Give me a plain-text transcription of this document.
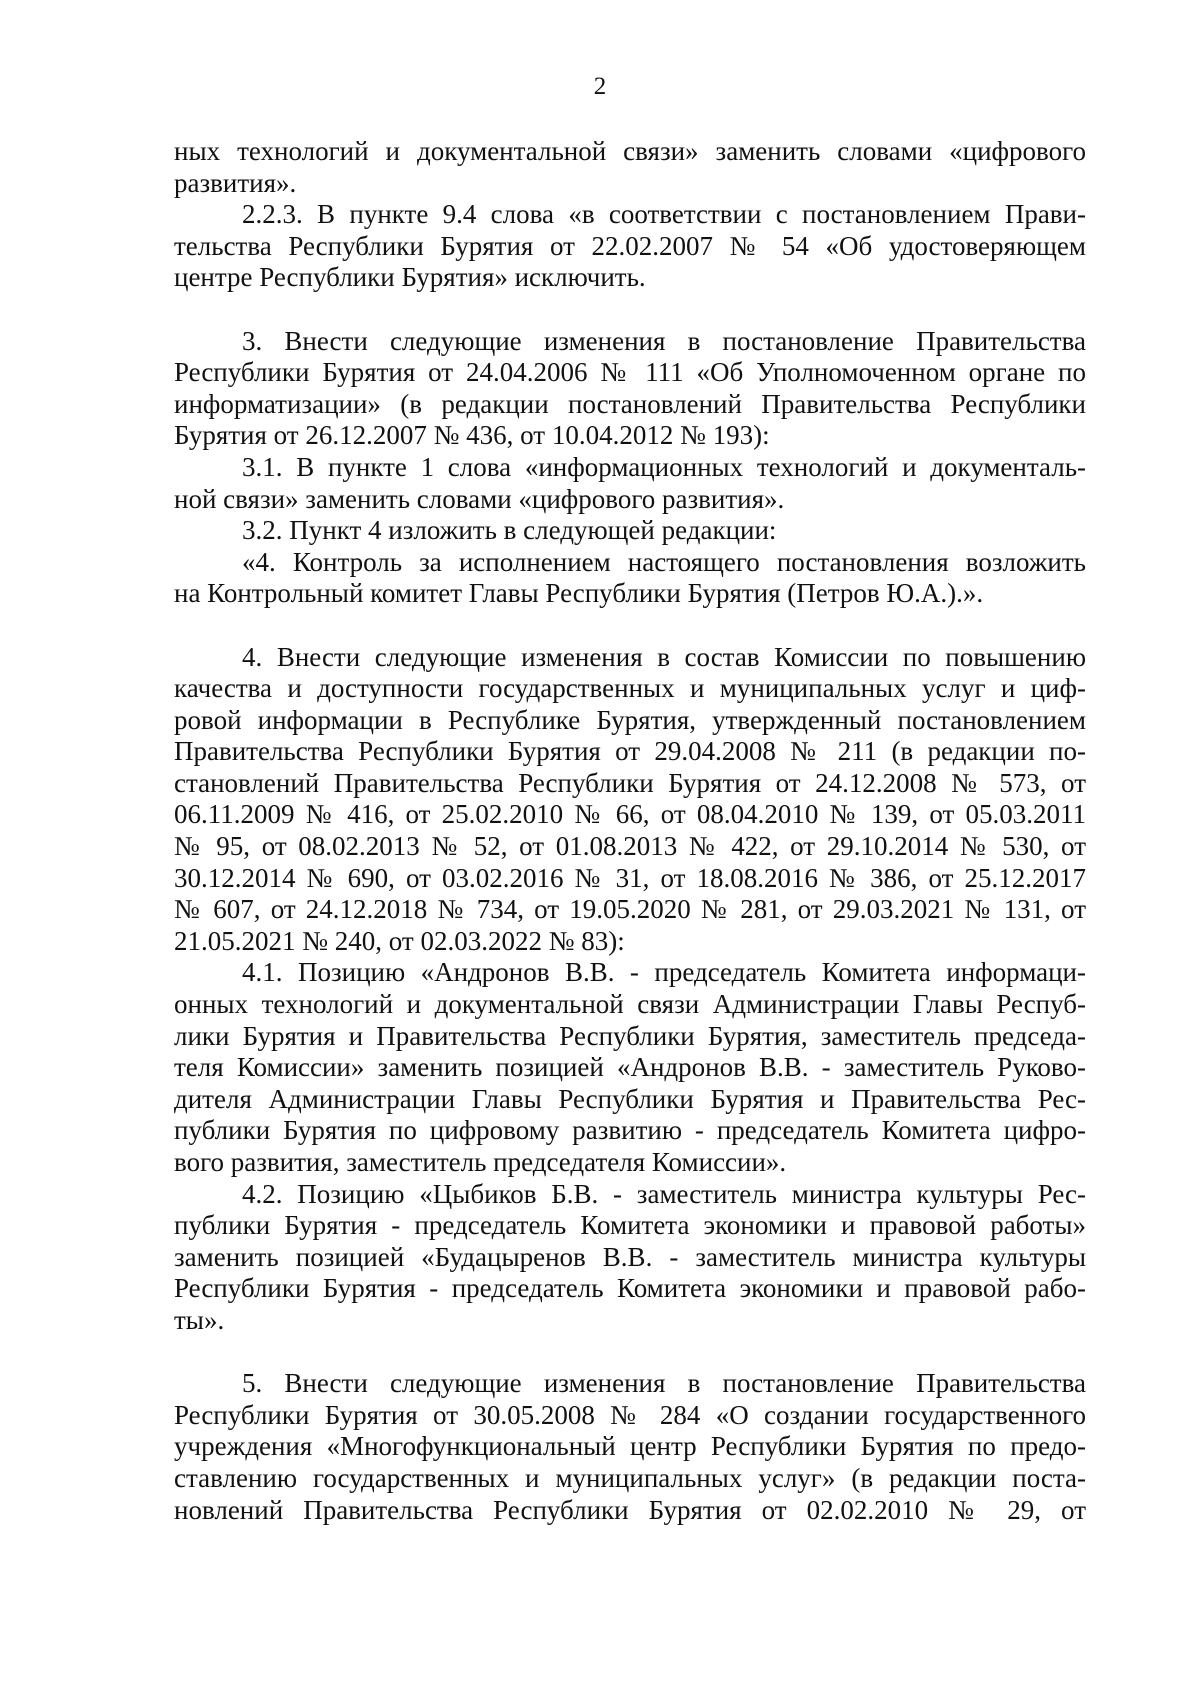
2
ных технологий и документальной связи» заменить словами «цифрового
развития».
2.2.3. В пункте 9.4 слова «в соответствии с постановлением Прави-
тельства Республики Бурятия от 22.02.2007 № 54 «Об удостоверяющем
центре Республики Бурятия» исключить.
3. Внести следующие изменения в постановление Правительства
Республики Бурятия от 24.04.2006 № 111 «Об Уполномоченном органе по
информатизации» (в редакции постановлений Правительства Республики
Бурятия от 26.12.2007 № 436, от 10.04.2012 № 193):
3.1. В пункте 1 слова «информационных технологий и документаль-
ной связи» заменить словами «цифрового развития».
3.2. Пункт 4 изложить в следующей редакции:
«4. Контроль за исполнением настоящего постановления возложить
на Контрольный комитет Главы Республики Бурятия (Петров Ю.А.).».
4. Внести следующие изменения в состав Комиссии по повышению
качества и доступности государственных и муниципальных услуг и циф-
ровой информации в Республике Бурятия, утвержденный постановлением
Правительства Республики Бурятия от 29.04.2008 № 211 (в редакции по-
становлений Правительства Республики Бурятия от 24.12.2008 № 573, от
06.11.2009 № 416, от 25.02.2010 № 66, от 08.04.2010 № 139, от 05.03.2011
№ 95, от 08.02.2013 № 52, от 01.08.2013 № 422, от 29.10.2014 № 530, от
30.12.2014 № 690, от 03.02.2016 № 31, от 18.08.2016 № 386, от 25.12.2017
№ 607, от 24.12.2018 № 734, от 19.05.2020 № 281, от 29.03.2021 № 131, от
21.05.2021 № 240, от 02.03.2022 № 83):
4.1. Позицию «Андронов В.В. - председатель Комитета информаци-
онных технологий и документальной связи Администрации Главы Респуб-
лики Бурятия и Правительства Республики Бурятия, заместитель председа-
теля Комиссии» заменить позицией «Андронов В.В. - заместитель Руково-
дителя Администрации Главы Республики Бурятия и Правительства Рес-
публики Бурятия по цифровому развитию - председатель Комитета цифро-
вого развития, заместитель председателя Комиссии».
4.2. Позицию «Цыбиков Б.В. - заместитель министра культуры Рес-
публики Бурятия - председатель Комитета экономики и правовой работы»
заменить позицией «Будацыренов В.В. - заместитель министра культуры
Республики Бурятия - председатель Комитета экономики и правовой рабо-
ты».
5. Внести следующие изменения в постановление Правительства
Республики Бурятия от 30.05.2008 № 284 «О создании государственного
учреждения «Многофункциональный центр Республики Бурятия по предо-
ставлению государственных и муниципальных услуг» (в редакции поста-
новлений Правительства Республики Бурятия от 02.02.2010 № 29, от
